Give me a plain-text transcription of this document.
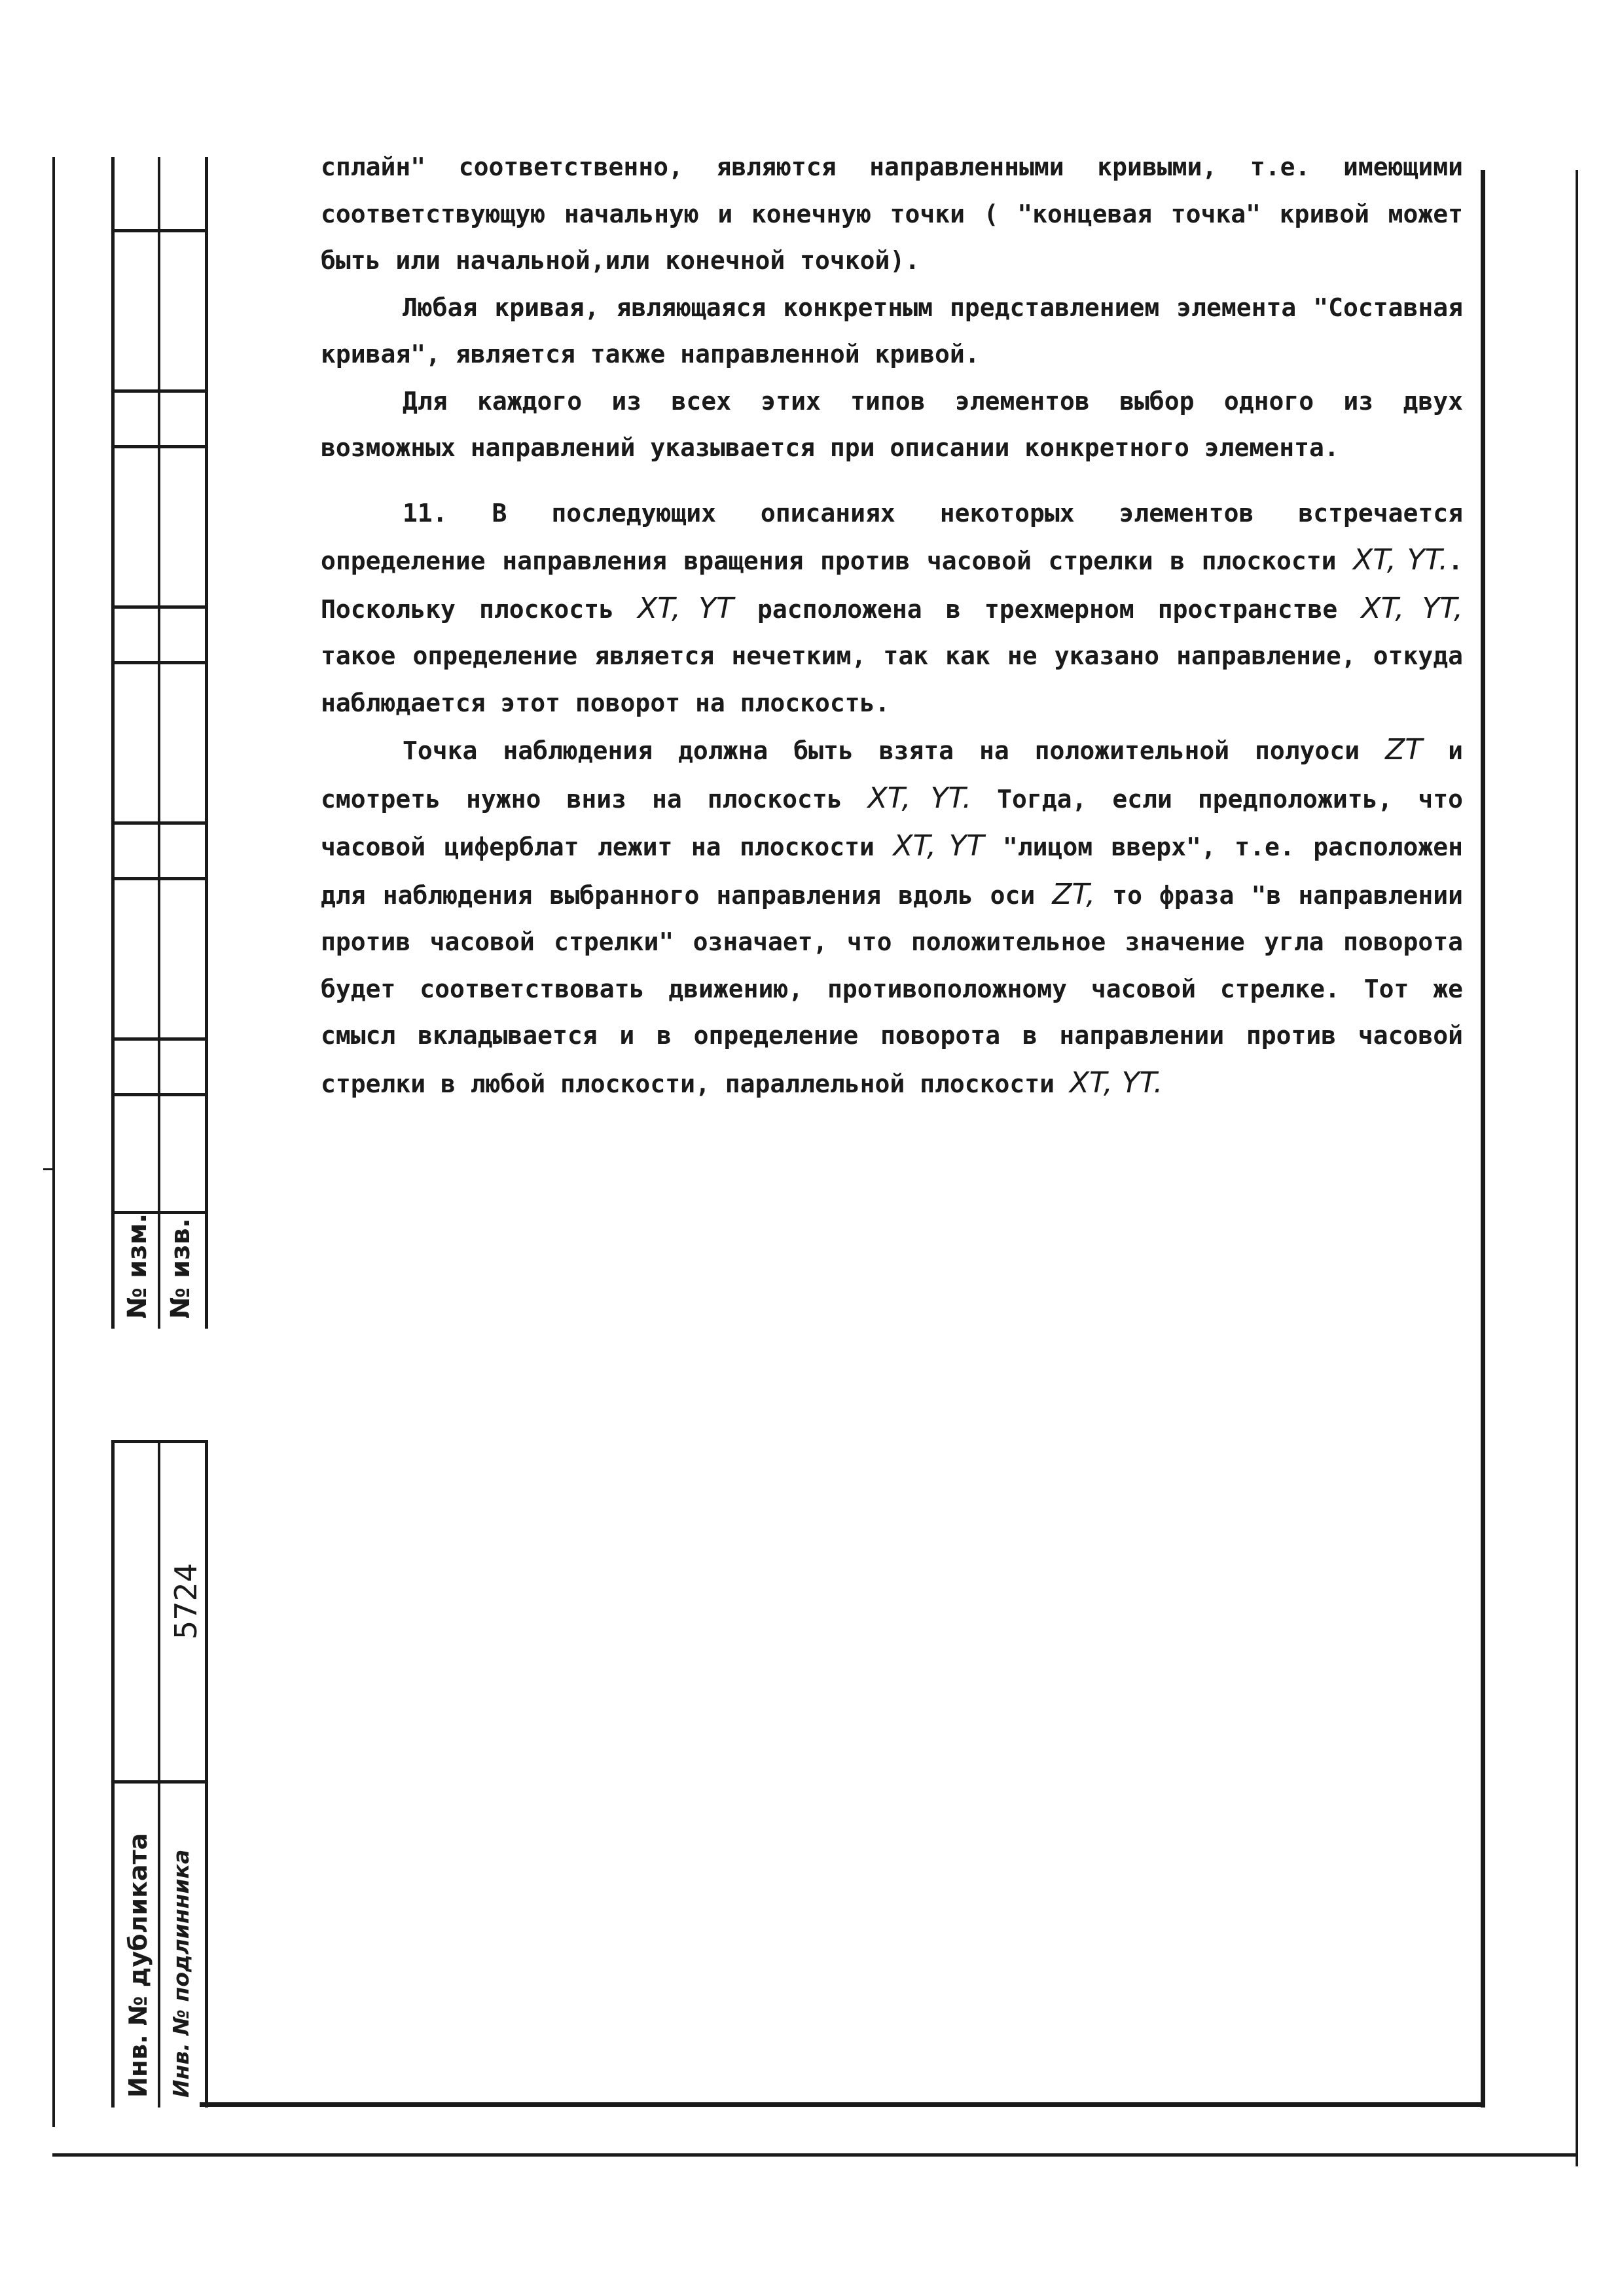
№ изм. № изв.
Инв. № дубликата Инв. № подлинника
5724

сплайн" соответственно, являются направленными кривыми, т.е. имеющими соответствующую начальную и конечную точки ( "концевая точка" кривой может быть или начальной,или конечной точкой).

Любая кривая, являющаяся конкретным представлением элемента "Составная кривая", является также направленной кривой.

Для каждого из всех этих типов элементов выбор одного из двух возможных направлений указывается при описании конкретного элемента.

11. В последующих описаниях некоторых элементов встречается определение направления вращения против часовой стрелки в плоскости XT, YT.. Поскольку плоскость XT, YT расположена в трехмерном пространстве XT, YT, такое определение является нечетким, так как не указано направление, откуда наблюдается этот поворот на плоскость.

Точка наблюдения должна быть взята на положительной полуоси ZT и смотреть нужно вниз на плоскость XT, YT. Тогда, если предположить, что часовой циферблат лежит на плоскости XT, YT "лицом вверх", т.е. расположен для наблюдения выбранного направления вдоль оси ZT, то фраза "в направлении против часовой стрелки" означает, что положительное значение угла поворота будет соответствовать движению, противоположному часовой стрелке. Тот же смысл вкладывается и в определение поворота в направлении против часовой стрелки в любой плоскости, параллельной плоскости XT, YT.
